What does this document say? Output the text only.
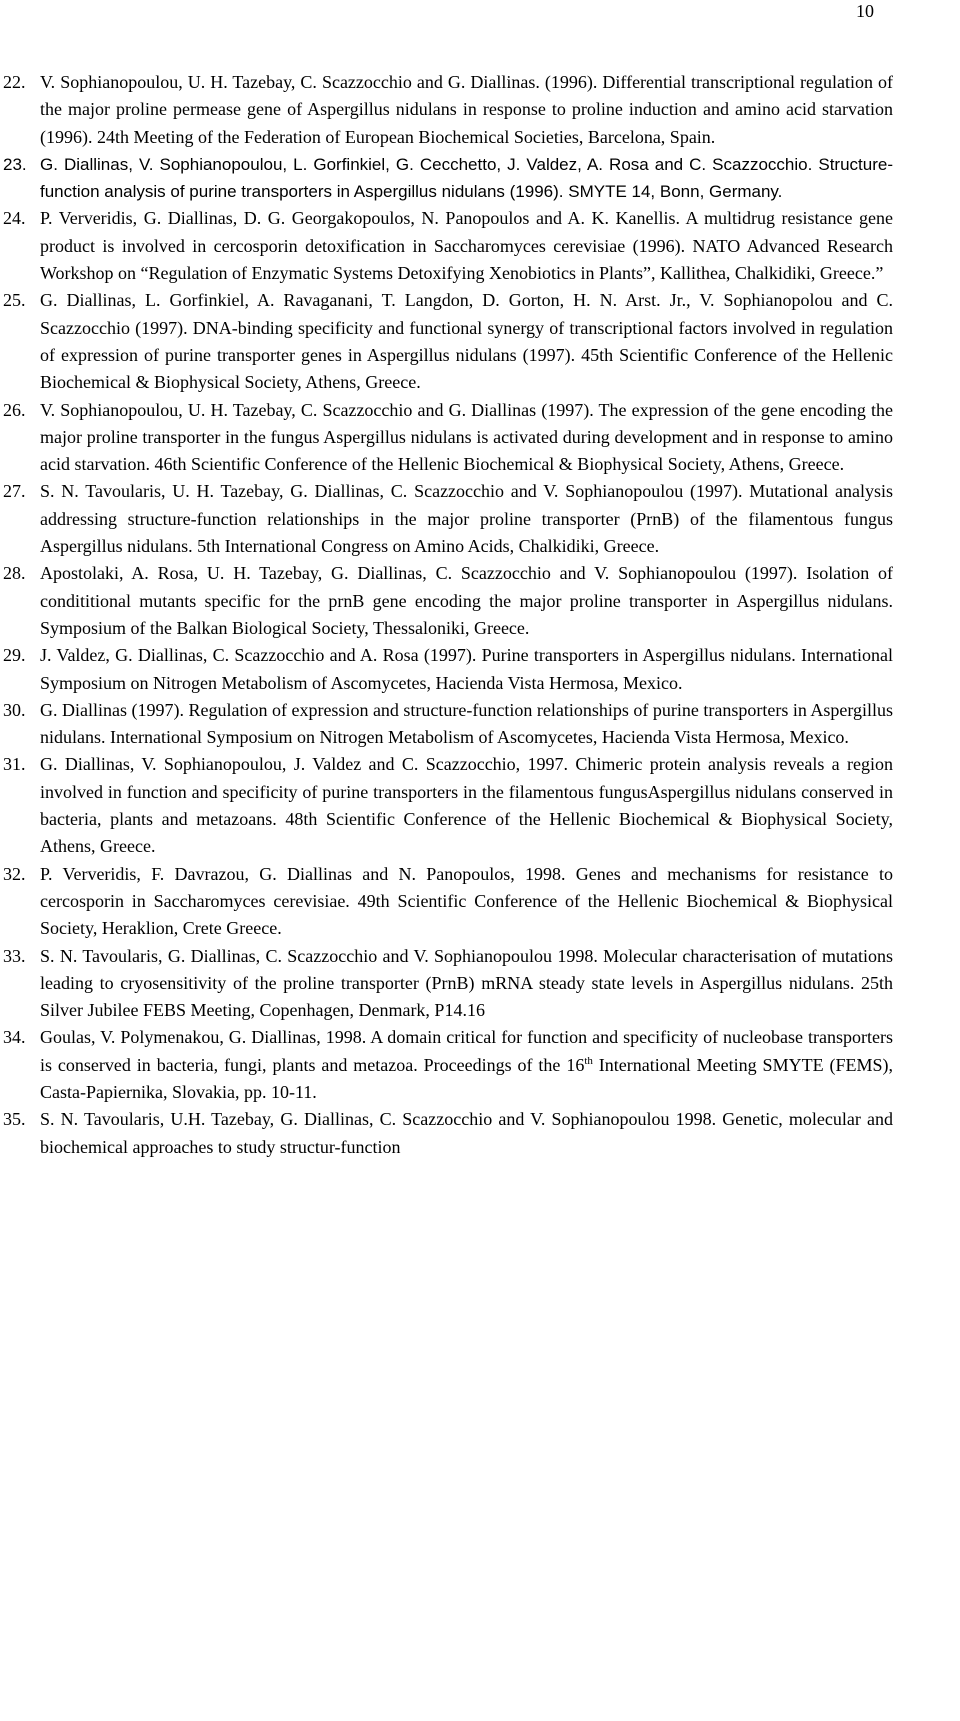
10
22. V. Sophianopoulou, U. H. Tazebay, C. Scazzocchio and G. Diallinas. (1996). Differential transcriptional regulation of the major proline permease gene of Aspergillus nidulans in response to proline induction and amino acid starvation (1996). 24th Meeting of the Federation of European Biochemical Societies, Barcelona, Spain.
23. G. Diallinas, V. Sophianopoulou, L. Gorfinkiel, G. Cecchetto, J. Valdez, A. Rosa and C. Scazzocchio. Structure-function analysis of purine transporters in Aspergillus nidulans (1996). SMYTE 14, Bonn, Germany.
24. P. Ververidis, G. Diallinas, D. G. Georgakopoulos, N. Panopoulos and A. K. Kanellis. A multidrug resistance gene product is involved in cercosporin detoxification in Saccharomyces cerevisiae (1996). NATO Advanced Research Workshop on “Regulation of Enzymatic Systems Detoxifying Xenobiotics in Plants”, Kallithea, Chalkidiki, Greece.”
25. G. Diallinas, L. Gorfinkiel, A. Ravaganani, T. Langdon, D. Gorton, H. N. Arst. Jr., V. Sophianopolou and C. Scazzocchio (1997). DNA-binding specificity and functional synergy of transcriptional factors involved in regulation of expression of purine transporter genes in Aspergillus nidulans (1997). 45th Scientific Conference of the Hellenic Biochemical & Biophysical Society, Athens, Greece.
26. V. Sophianopoulou, U. H. Tazebay, C. Scazzocchio and G. Diallinas (1997). The expression of the gene encoding the major proline transporter in the fungus Aspergillus nidulans is activated during development and in response to amino acid starvation. 46th Scientific Conference of the Hellenic Biochemical & Biophysical Society, Athens, Greece.
27. S. N. Tavoularis, U. H. Tazebay, G. Diallinas, C. Scazzocchio and V. Sophianopoulou (1997). Mutational analysis addressing structure-function relationships in the major proline transporter (PrnB) of the filamentous fungus Aspergillus nidulans. 5th International Congress on Amino Acids, Chalkidiki, Greece.
28. Apostolaki, A. Rosa, U. H. Tazebay, G. Diallinas, C. Scazzocchio and V. Sophianopoulou (1997). Isolation of condititional mutants specific for the prnB gene encoding the major proline transporter in Aspergillus nidulans. Symposium of the Balkan Biological Society, Thessaloniki, Greece.
29. J. Valdez, G. Diallinas, C. Scazzocchio and A. Rosa (1997). Purine transporters in Aspergillus nidulans. International Symposium on Nitrogen Metabolism of Ascomycetes, Hacienda Vista Hermosa, Mexico.
30. G. Diallinas (1997). Regulation of expression and structure-function relationships of purine transporters in Aspergillus nidulans. International Symposium on Nitrogen Metabolism of Ascomycetes, Hacienda Vista Hermosa, Mexico.
31. G. Diallinas, V. Sophianopoulou, J. Valdez and C. Scazzocchio, 1997. Chimeric protein analysis reveals a region involved in function and specificity of purine transporters in the filamentous fungusAspergillus nidulans conserved in bacteria, plants and metazoans. 48th Scientific Conference of the Hellenic Biochemical & Biophysical Society, Athens, Greece.
32. P. Ververidis, F. Davrazou, G. Diallinas and N. Panopoulos, 1998. Genes and mechanisms for resistance to cercosporin in Saccharomyces cerevisiae. 49th Scientific Conference of the Hellenic Biochemical & Biophysical Society, Heraklion, Crete Greece.
33. S. N. Tavoularis, G. Diallinas, C. Scazzocchio and V. Sophianopoulou 1998. Molecular characterisation of mutations leading to cryosensitivity of the proline transporter (PrnB) mRNA steady state levels in Aspergillus nidulans. 25th Silver Jubilee FEBS Meeting, Copenhagen, Denmark, P14.16
34. Goulas, V. Polymenakou, G. Diallinas, 1998. A domain critical for function and specificity of nucleobase transporters is conserved in bacteria, fungi, plants and metazoa. Proceedings of the 16th International Meeting SMYTE (FEMS), Casta-Papiernika, Slovakia, pp. 10-11.
35. S. N. Tavoularis, U.H. Tazebay, G. Diallinas, C. Scazzocchio and V. Sophianopoulou 1998. Genetic, molecular and biochemical approaches to study structur-function
